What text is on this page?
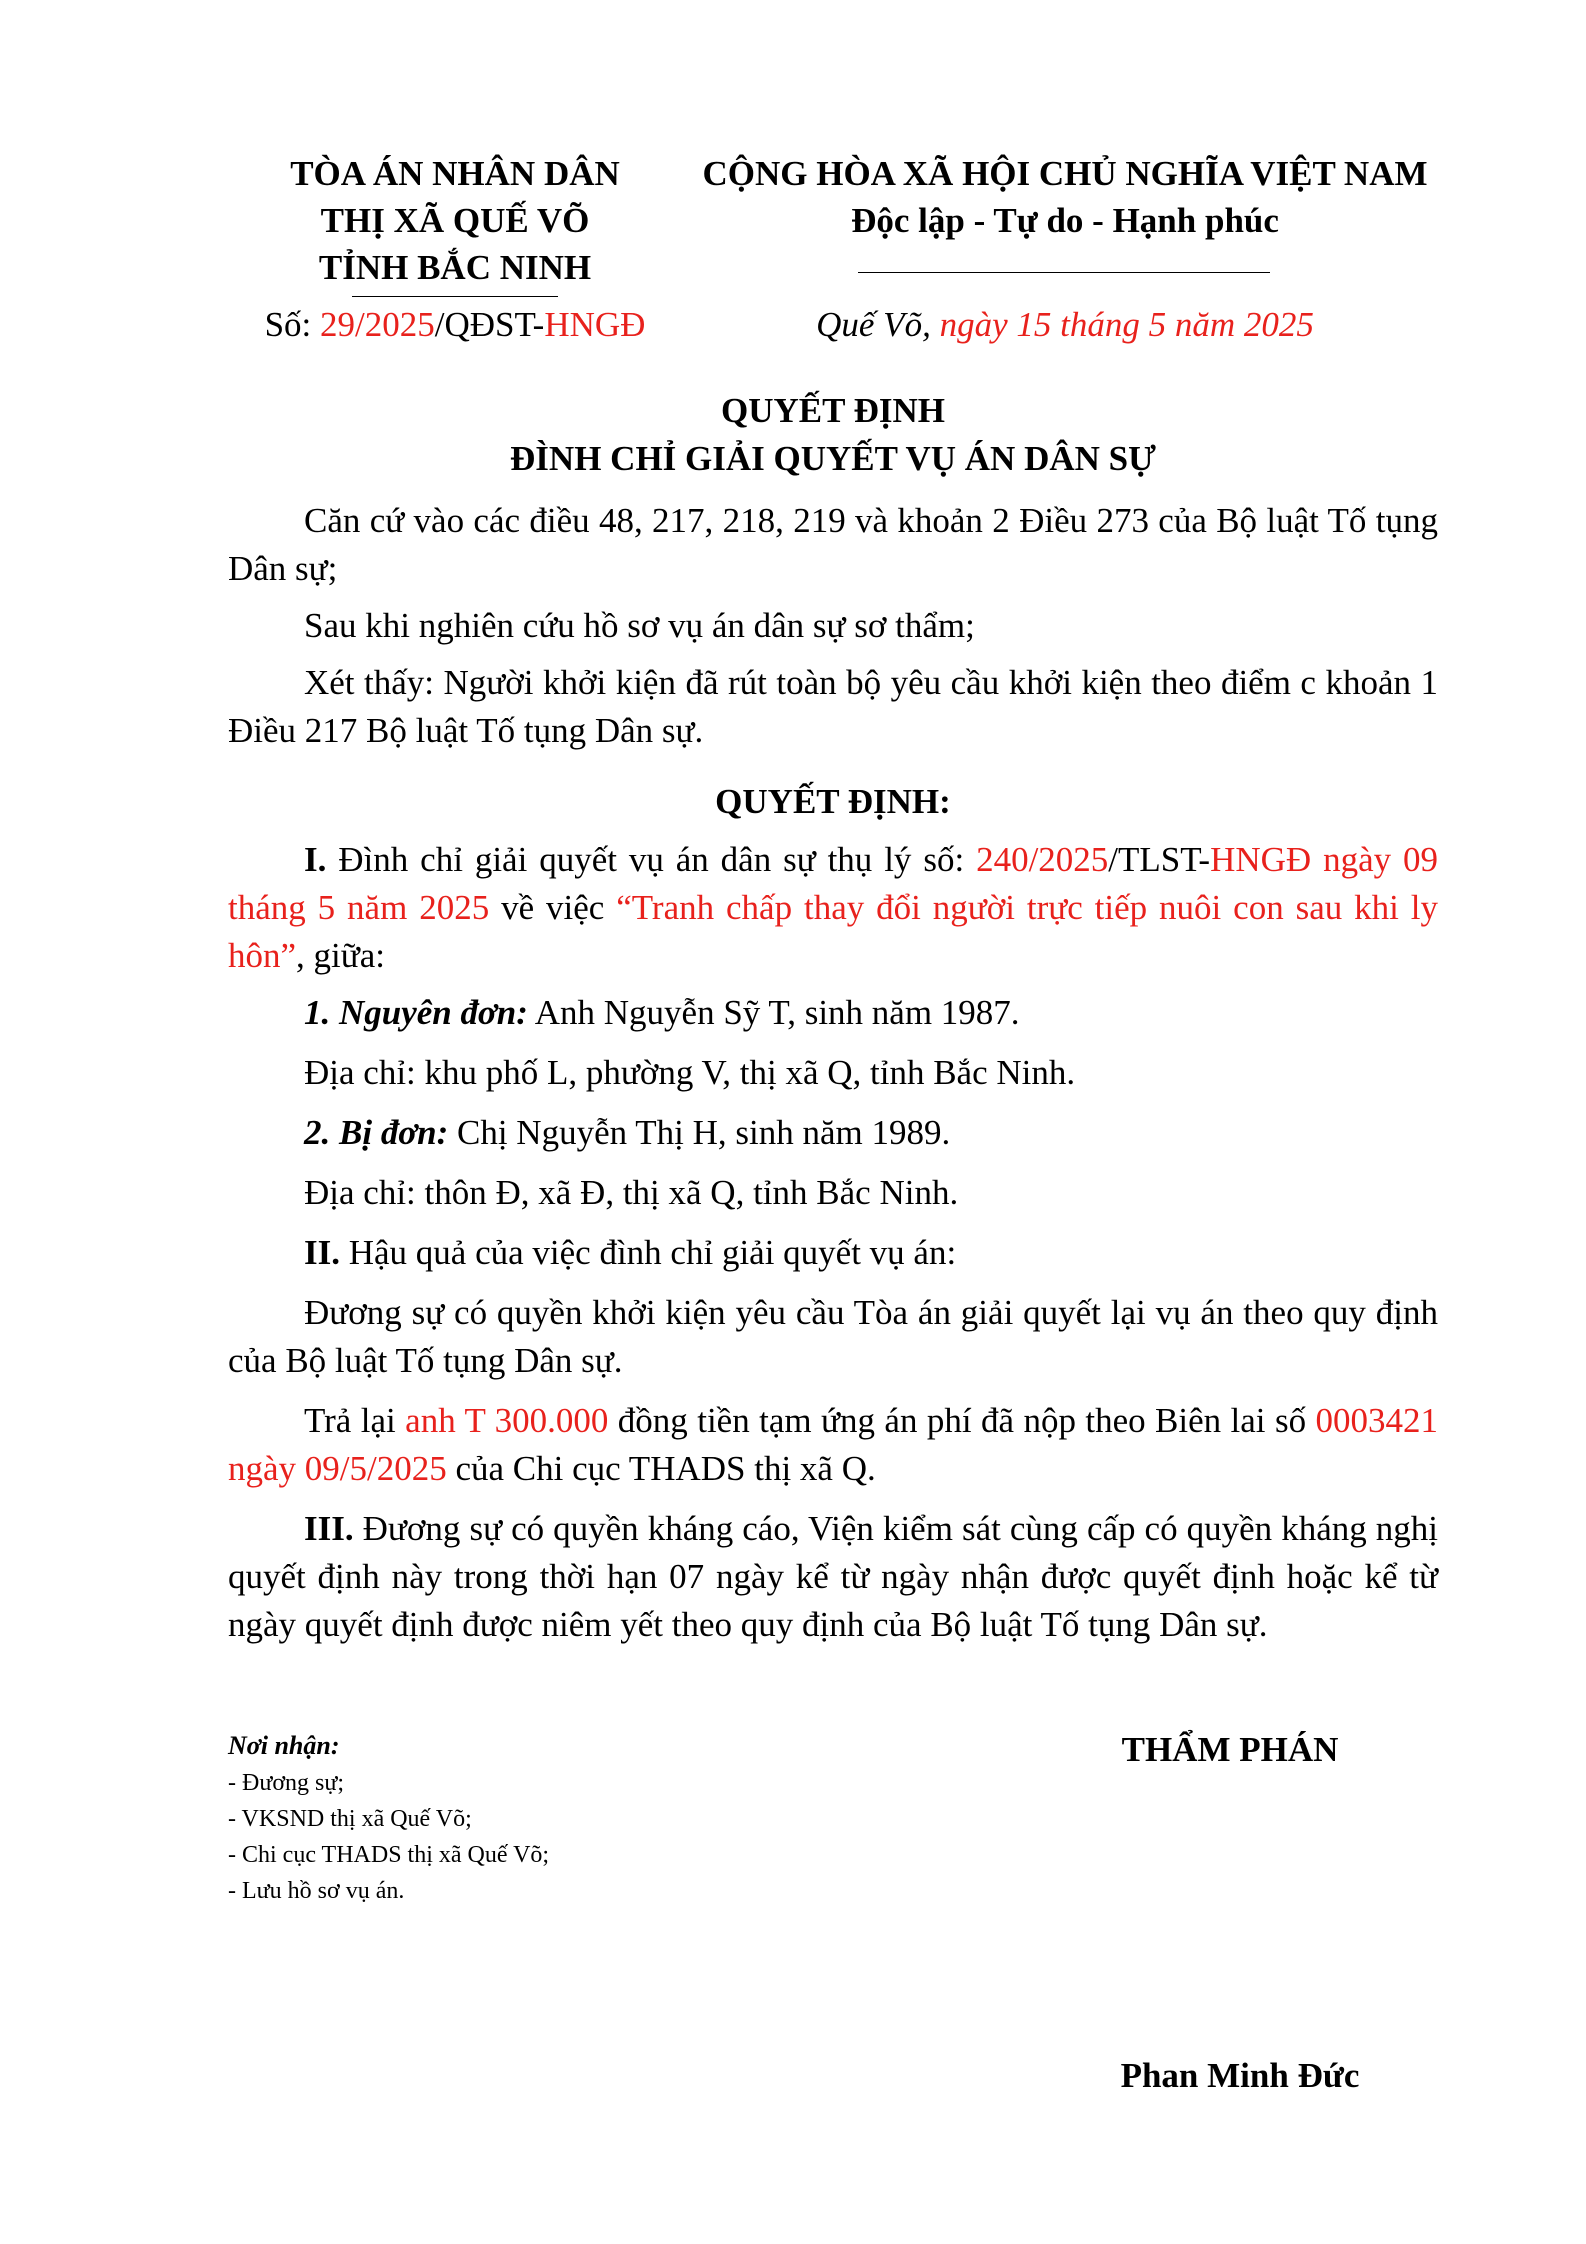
TÒA ÁN NHÂN DÂN
THỊ XÃ QUẾ VÕ
TỈNH BẮC NINH
Số: 29/2025/QĐST-HNGĐ
CỘNG HÒA XÃ HỘI CHỦ NGHĨA VIỆT NAM
Độc lập - Tự do - Hạnh phúc
Quế Võ, ngày 15 tháng 5 năm 2025
QUYẾT ĐỊNH
ĐÌNH CHỈ GIẢI QUYẾT VỤ ÁN DÂN SỰ

Căn cứ vào các điều 48, 217, 218, 219 và khoản 2 Điều 273 của Bộ luật Tố tụng Dân sự;

Sau khi nghiên cứu hồ sơ vụ án dân sự sơ thẩm;

Xét thấy: Người khởi kiện đã rút toàn bộ yêu cầu khởi kiện theo điểm c khoản 1 Điều 217 Bộ luật Tố tụng Dân sự.

QUYẾT ĐỊNH:

I. Đình chỉ giải quyết vụ án dân sự thụ lý số: 240/2025/TLST-HNGĐ ngày 09 tháng 5 năm 2025 về việc “Tranh chấp thay đổi người trực tiếp nuôi con sau khi ly hôn”, giữa:

1. Nguyên đơn: Anh Nguyễn Sỹ T, sinh năm 1987.

Địa chỉ: khu phố L, phường V, thị xã Q, tỉnh Bắc Ninh.

2. Bị đơn: Chị Nguyễn Thị H, sinh năm 1989.

Địa chỉ: thôn Đ, xã Đ, thị xã Q, tỉnh Bắc Ninh.

II. Hậu quả của việc đình chỉ giải quyết vụ án:

Đương sự có quyền khởi kiện yêu cầu Tòa án giải quyết lại vụ án theo quy định của Bộ luật Tố tụng Dân sự.

Trả lại anh T 300.000 đồng tiền tạm ứng án phí đã nộp theo Biên lai số 0003421 ngày 09/5/2025 của Chi cục THADS thị xã Q.

III. Đương sự có quyền kháng cáo, Viện kiểm sát cùng cấp có quyền kháng nghị quyết định này trong thời hạn 07 ngày kể từ ngày nhận được quyết định hoặc kể từ ngày quyết định được niêm yết theo quy định của Bộ luật Tố tụng Dân sự.

Nơi nhận:
- Đương sự;
- VKSND thị xã Quế Võ;
- Chi cục THADS thị xã Quế Võ;
- Lưu hồ sơ vụ án.
THẨM PHÁN
Phan Minh Đức
